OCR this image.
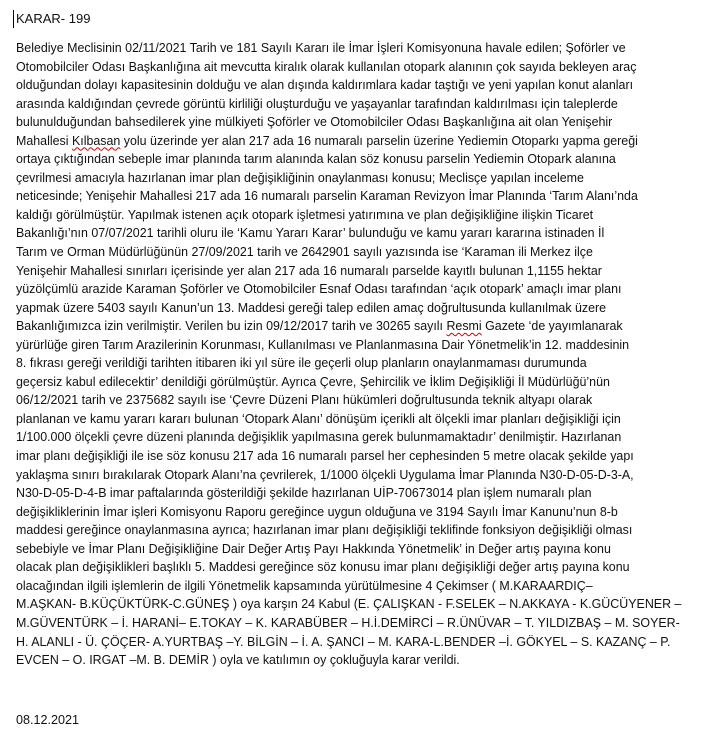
KARAR- 199
Belediye Meclisinin 02/11/2021 Tarih ve 181 Sayılı Kararı ile İmar İşleri Komisyonuna havale edilen; Şoförler ve
Otomobilciler Odası Başkanlığına ait mevcutta kiralık olarak kullanılan otopark alanının çok sayıda bekleyen araç
olduğundan dolayı kapasitesinin dolduğu ve alan dışında kaldırımlara kadar taştığı ve yeni yapılan konut alanları
arasında kaldığından çevrede görüntü kirliliği oluşturduğu ve yaşayanlar tarafından kaldırılması için taleplerde
bulunulduğundan bahsedilerek yine mülkiyeti Şoförler ve Otomobilciler Odası Başkanlığına ait olan Yenişehir
Mahallesi Kılbasan yolu üzerinde yer alan 217 ada 16 numaralı parselin üzerine Yediemin Otoparkı yapma gereği
ortaya çıktığından sebeple imar planında tarım alanında kalan söz konusu parselin Yediemin Otopark alanına
çevrilmesi amacıyla hazırlanan imar plan değişikliğinin onaylanması konusu; Meclisçe yapılan inceleme
neticesinde; Yenişehir Mahallesi 217 ada 16 numaralı parselin Karaman Revizyon İmar Planında ‘Tarım Alanı’nda
kaldığı görülmüştür. Yapılmak istenen açık otopark işletmesi yatırımına ve plan değişikliğine ilişkin Ticaret
Bakanlığı’nın 07/07/2021 tarihli oluru ile ‘Kamu Yararı Karar’ bulunduğu ve kamu yararı kararına istinaden İl
Tarım ve Orman Müdürlüğünün 27/09/2021 tarih ve 2642901 sayılı yazısında ise ‘Karaman ili Merkez ilçe
Yenişehir Mahallesi sınırları içerisinde yer alan 217 ada 16 numaralı parselde kayıtlı bulunan 1,1155 hektar
yüzölçümlü arazide Karaman Şoförler ve Otomobilciler Esnaf Odası tarafından ‘açık otopark’ amaçlı imar planı
yapmak üzere 5403 sayılı Kanun’un 13. Maddesi gereği talep edilen amaç doğrultusunda kullanılmak üzere
Bakanlığımızca izin verilmiştir. Verilen bu izin 09/12/2017 tarih ve 30265 sayılı Resmi Gazete ‘de yayımlanarak
yürürlüğe giren Tarım Arazilerinin Korunması, Kullanılması ve Planlanmasına Dair Yönetmelik’in 12. maddesinin
8. fıkrası gereği verildiği tarihten itibaren iki yıl süre ile geçerli olup planların onaylanmaması durumunda
geçersiz kabul edilecektir’ denildiği görülmüştür. Ayrıca Çevre, Şehircilik ve İklim Değişikliği İl Müdürlüğü’nün
06/12/2021 tarih ve 2375682 sayılı ise ‘Çevre Düzeni Planı hükümleri doğrultusunda teknik altyapı olarak
planlanan ve kamu yararı kararı bulunan ‘Otopark Alanı’ dönüşüm içerikli alt ölçekli imar planları değişikliği için
1/100.000 ölçekli çevre düzeni planında değişiklik yapılmasına gerek bulunmamaktadır’ denilmiştir. Hazırlanan
imar planı değişikliği ile ise söz konusu 217 ada 16 numaralı parsel her cephesinden 5 metre olacak şekilde yapı
yaklaşma sınırı bırakılarak Otopark Alanı’na çevrilerek, 1/1000 ölçekli Uygulama İmar Planında N30-D-05-D-3-A,
N30-D-05-D-4-B imar paftalarında gösterildiği şekilde hazırlanan UİP-70673014 plan işlem numaralı plan
değişikliklerinin İmar işleri Komisyonu Raporu gereğince uygun olduğuna ve 3194 Sayılı İmar Kanunu’nun 8-b
maddesi gereğince onaylanmasına ayrıca; hazırlanan imar planı değişikliği teklifinde fonksiyon değişikliği olması
sebebiyle ve İmar Planı Değişikliğine Dair Değer Artış Payı Hakkında Yönetmelik’ in Değer artış payına konu
olacak plan değişiklikleri başlıklı 5. Maddesi gereğince söz konusu imar planı değişikliği değer artış payına konu
olacağından ilgili işlemlerin de ilgili Yönetmelik kapsamında yürütülmesine 4 Çekimser ( M.KARAARDIÇ–
M.AŞKAN- B.KÜÇÜKTÜRK-C.GÜNEŞ ) oya karşın 24 Kabul (E. ÇALIŞKAN - F.SELEK – N.AKKAYA - K.GÜCÜYENER –
M.GÜVENTÜRK – İ. HARANİ– E.TOKAY – K. KARABÜBER – H.İ.DEMİRCİ – R.ÜNÜVAR – T. YILDIZBAŞ – M. SOYER-
H. ALANLI - Ü. ÇÖÇER- A.YURTBAŞ –Y. BİLGİN – İ. A. ŞANCI – M. KARA-L.BENDER –İ. GÖKYEL – S. KAZANÇ – P.
EVCEN – O. IRGAT –M. B. DEMİR ) oyla ve katılımın oy çokluğuyla karar verildi.
08.12.2021
